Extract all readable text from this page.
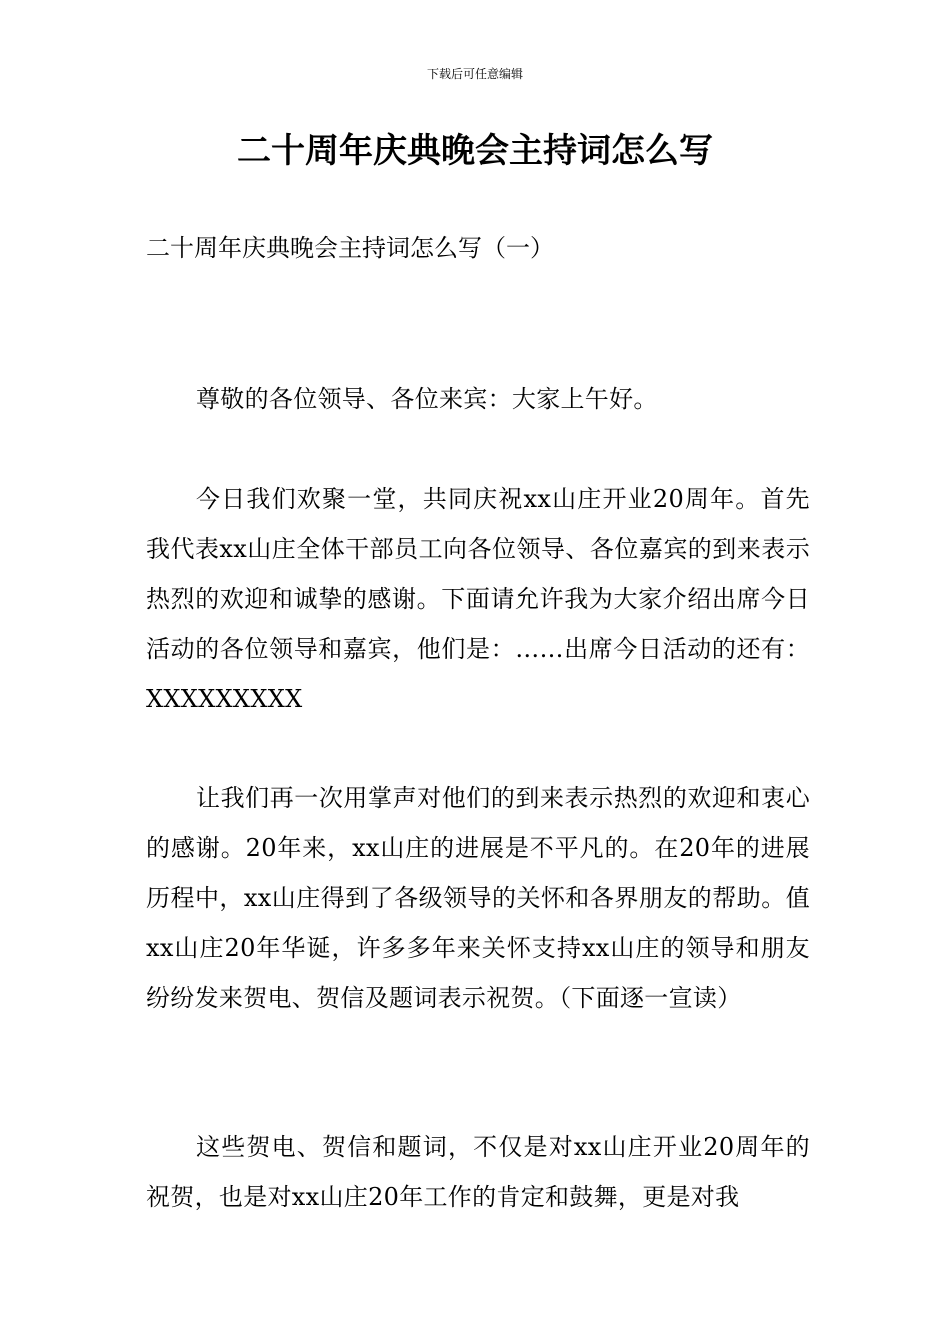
下载后可任意编辑
二十周年庆典晚会主持词怎么写
二十周年庆典晚会主持词怎么写（一）

尊敬的各位领导、各位来宾：大家上午好。

今日我们欢聚一堂，共同庆祝xx山庄开业20周年。首先我代表xx山庄全体干部员工向各位领导、各位嘉宾的到来表示热烈的欢迎和诚挚的感谢。下面请允许我为大家介绍出席今日活动的各位领导和嘉宾，他们是：……出席今日活动的还有：XXXXXXXXX

让我们再一次用掌声对他们的到来表示热烈的欢迎和衷心的感谢。20年来，xx山庄的进展是不平凡的。在20年的进展历程中，xx山庄得到了各级领导的关怀和各界朋友的帮助。值xx山庄20年华诞，许多多年来关怀支持xx山庄的领导和朋友纷纷发来贺电、贺信及题词表示祝贺。（下面逐一宣读）

这些贺电、贺信和题词，不仅是对xx山庄开业20周年的祝贺，也是对xx山庄20年工作的肯定和鼓舞，更是对我
